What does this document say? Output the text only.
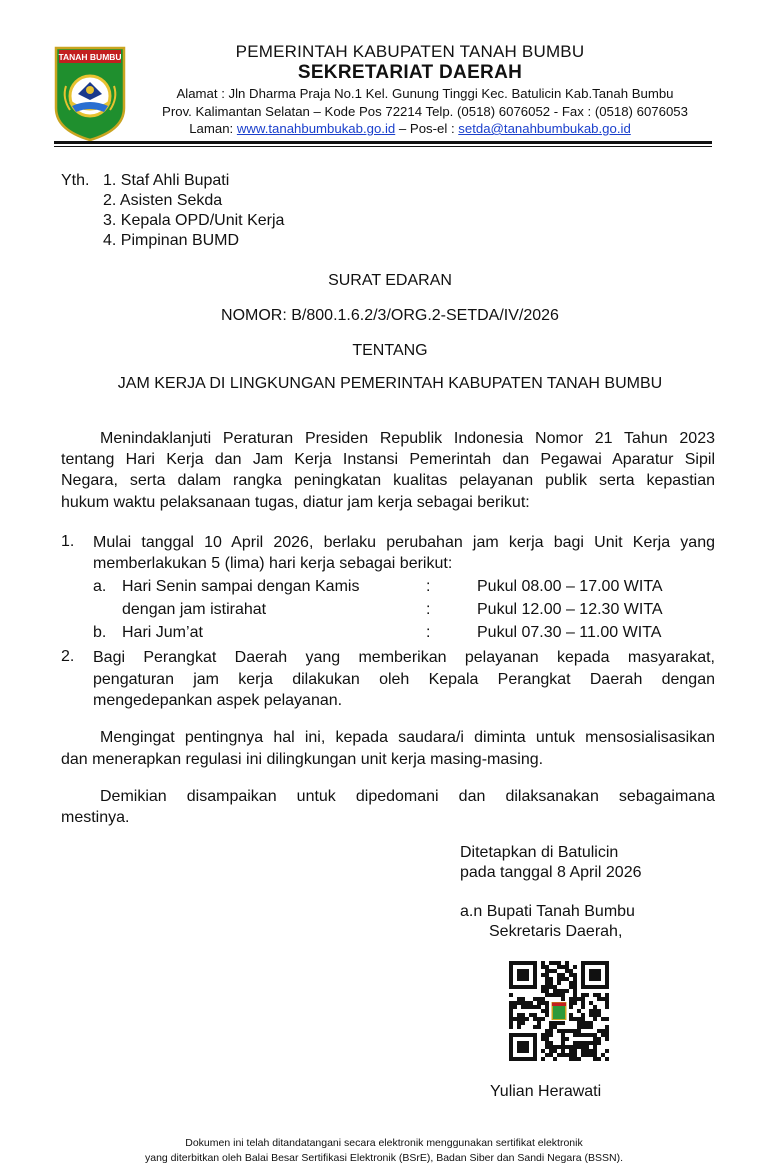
TANAH BUMBU	PEMERINTAH KABUPATEN TANAH BUMBU
SEKRETARIAT DAERAH
Alamat : Jln Dharma Praja No.1 Kel. Gunung Tinggi Kec. Batulicin Kab.Tanah Bumbu
Prov. Kalimantan Selatan – Kode Pos 72214 Telp. (0518) 6076052 - Fax : (0518) 6076053
Laman: www.tanahbumbukab.go.id – Pos-el : setda@tanahbumbukab.go.id
Yth. 1. Staf Ahli Bupati
2. Asisten Sekda
3. Kepala OPD/Unit Kerja
4. Pimpinan BUMD
SURAT EDARAN
NOMOR: B/800.1.6.2/3/ORG.2-SETDA/IV/2026
TENTANG
JAM KERJA DI LINGKUNGAN PEMERINTAH KABUPATEN TANAH BUMBU
Menindaklanjuti Peraturan Presiden Republik Indonesia Nomor 21 Tahun 2023
tentang Hari Kerja dan Jam Kerja Instansi Pemerintah dan Pegawai Aparatur Sipil
Negara, serta dalam rangka peningkatan kualitas pelayanan publik serta kepastian
hukum waktu pelaksanaan tugas, diatur jam kerja sebagai berikut:
1. Mulai tanggal 10 April 2026, berlaku perubahan jam kerja bagi Unit Kerja yang
memberlakukan 5 (lima) hari kerja sebagai berikut:
a. Hari Senin sampai dengan Kamis	:	Pukul 08.00 – 17.00 WITA
dengan jam istirahat	:	Pukul 12.00 – 12.30 WITA
b. Hari Jum’at	:	Pukul 07.30 – 11.00 WITA
2. Bagi Perangkat Daerah yang memberikan pelayanan kepada masyarakat,
pengaturan jam kerja dilakukan oleh Kepala Perangkat Daerah dengan
mengedepankan aspek pelayanan.
Mengingat pentingnya hal ini, kepada saudara/i diminta untuk mensosialisasikan
dan menerapkan regulasi ini dilingkungan unit kerja masing-masing.
Demikian disampaikan untuk dipedomani dan dilaksanakan sebagaimana
mestinya.
Ditetapkan di Batulicin
pada tanggal 8 April 2026
a.n Bupati Tanah Bumbu
Sekretaris Daerah,
Yulian Herawati
Dokumen ini telah ditandatangani secara elektronik menggunakan sertifikat elektronik
yang diterbitkan oleh Balai Besar Sertifikasi Elektronik (BSrE), Badan Siber dan Sandi Negara (BSSN).
